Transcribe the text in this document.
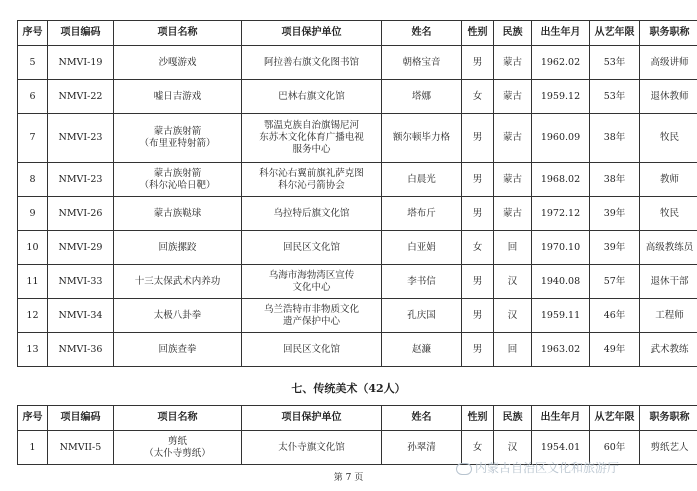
序号	项目编码	项目名称	项目保护单位	姓名	性别	民族	出生年月	从艺年限	职务职称
5	NMVI-19	沙嘎游戏	阿拉善右旗文化图书馆	朝格宝音	男	蒙古	1962.02	53年	高级讲师
6	NMVI-22	嘘日吉游戏	巴林右旗文化馆	塔娜	女	蒙古	1959.12	53年	退休教师
7	NMVI-23	蒙古族射箭
（布里亚特射箭）	鄂温克族自治旗锡尼河
东苏木文化体育广播电视
服务中心	额尔顿毕力格	男	蒙古	1960.09	38年	牧民
8	NMVI-23	蒙古族射箭
（科尔沁哈日靶）	科尔沁右翼前旗礼萨克图
科尔沁弓箭协会	白晨光	男	蒙古	1968.02	38年	教师
9	NMVI-26	蒙古族鞑球	乌拉特后旗文化馆	塔布斤	男	蒙古	1972.12	39年	牧民
10	NMVI-29	回族摞跤	回民区文化馆	白亚娟	女	回	1970.10	39年	高级教练员
11	NMVI-33	十三太保武术内养功	乌海市海勃湾区宣传
文化中心	李书信	男	汉	1940.08	57年	退休干部
12	NMVI-34	太极八卦拳	乌兰浩特市非物质文化
遗产保护中心	孔庆国	男	汉	1959.11	46年	工程师
13	NMVI-36	回族查拳	回民区文化馆	赵濂	男	回	1963.02	49年	武术教练
七、传统美术（42人）
序号	项目编码	项目名称	项目保护单位	姓名	性别	民族	出生年月	从艺年限	职务职称
1	NMVII-5	剪纸
（太仆寺剪纸）	太仆寺旗文化馆	孙翠清	女	汉	1954.01	60年	剪纸艺人
第 7 页
内蒙古自治区文化和旅游厅
